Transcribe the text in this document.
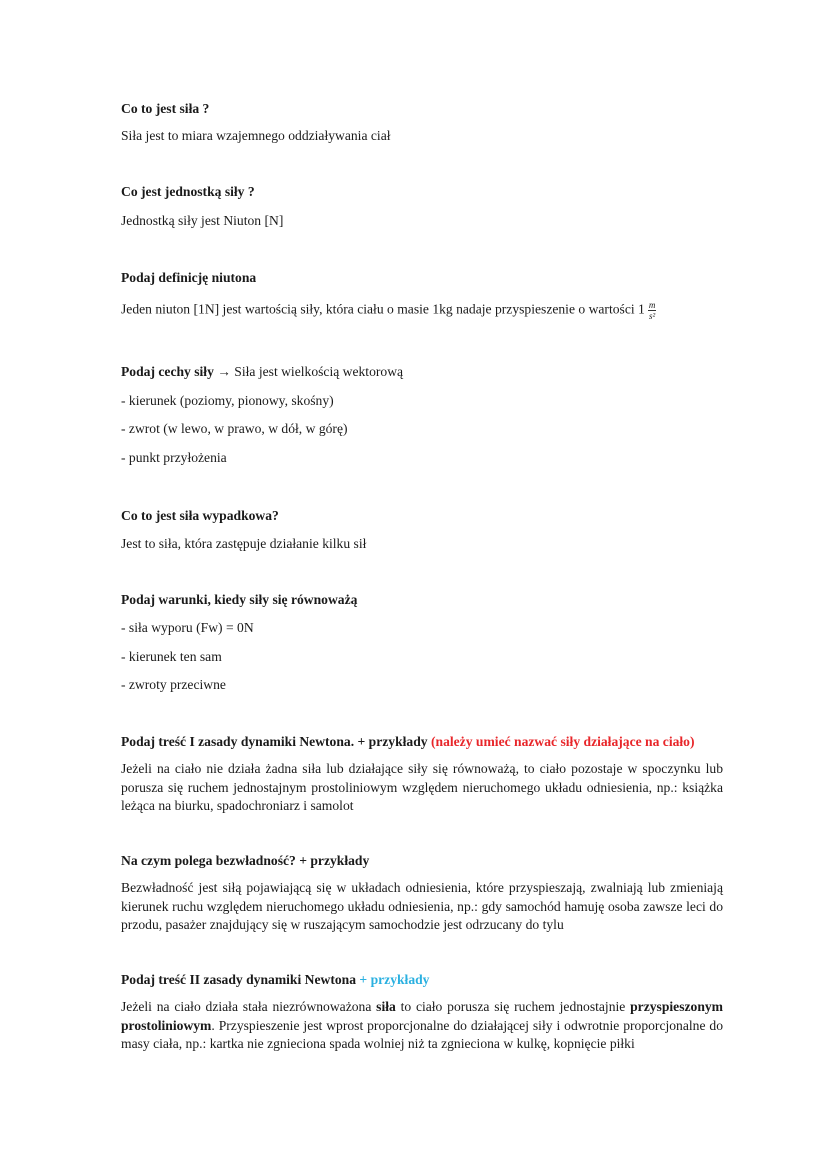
Co to jest siła ?
Siła jest to miara wzajemnego oddziaływania ciał
Co jest jednostką siły ?
Jednostką siły jest Niuton [N]
Podaj definicję niutona
Jeden niuton [1N] jest wartością siły, która ciału o masie 1kg nadaje przyspieszenie o wartości $1 \frac{m}{\text{s²}}$
Podaj cechy siły → Siła jest wielkością wektorową
- kierunek (poziomy, pionowy, skośny)
- zwrot (w lewo, w prawo, w dół, w górę)
- punkt przyłożenia
Co to jest siła wypadkowa?
Jest to siła, która zastępuje działanie kilku sił
Podaj warunki, kiedy siły się równoważą
- siła wyporu (Fw) = 0N
- kierunek ten sam
- zwroty przeciwne
Podaj treść I zasady dynamiki Newtona. + przykłady (należy umieć nazwać siły działające na ciało)
Jeżeli na ciało nie działa żadna siła lub działające siły się równoważą, to ciało pozostaje w spoczynku lub porusza się ruchem jednostajnym prostoliniowym względem nieruchomego układu odniesienia, np.: książka leżąca na biurku, spadochroniarz i samolot
Na czym polega bezwładność? + przykłady
Bezwładność jest siłą pojawiającą się w układach odniesienia, które przyspieszają, zwalniają lub zmieniają kierunek ruchu względem nieruchomego układu odniesienia, np.: gdy samochód hamuję osoba zawsze leci do przodu, pasażer znajdujący się w ruszającym samochodzie jest odrzucany do tylu
Podaj treść II zasady dynamiki Newtona + przykłady
Jeżeli na ciało działa stała niezrównoważona siła to ciało porusza się ruchem jednostajnie przyspieszonym prostoliniowym. Przyspieszenie jest wprost proporcjonalne do działającej siły i odwrotnie proporcjonalne do masy ciała, np.: kartka nie zgnieciona spada wolniej niż ta zgnieciona w kulkę, kopnięcie piłki
